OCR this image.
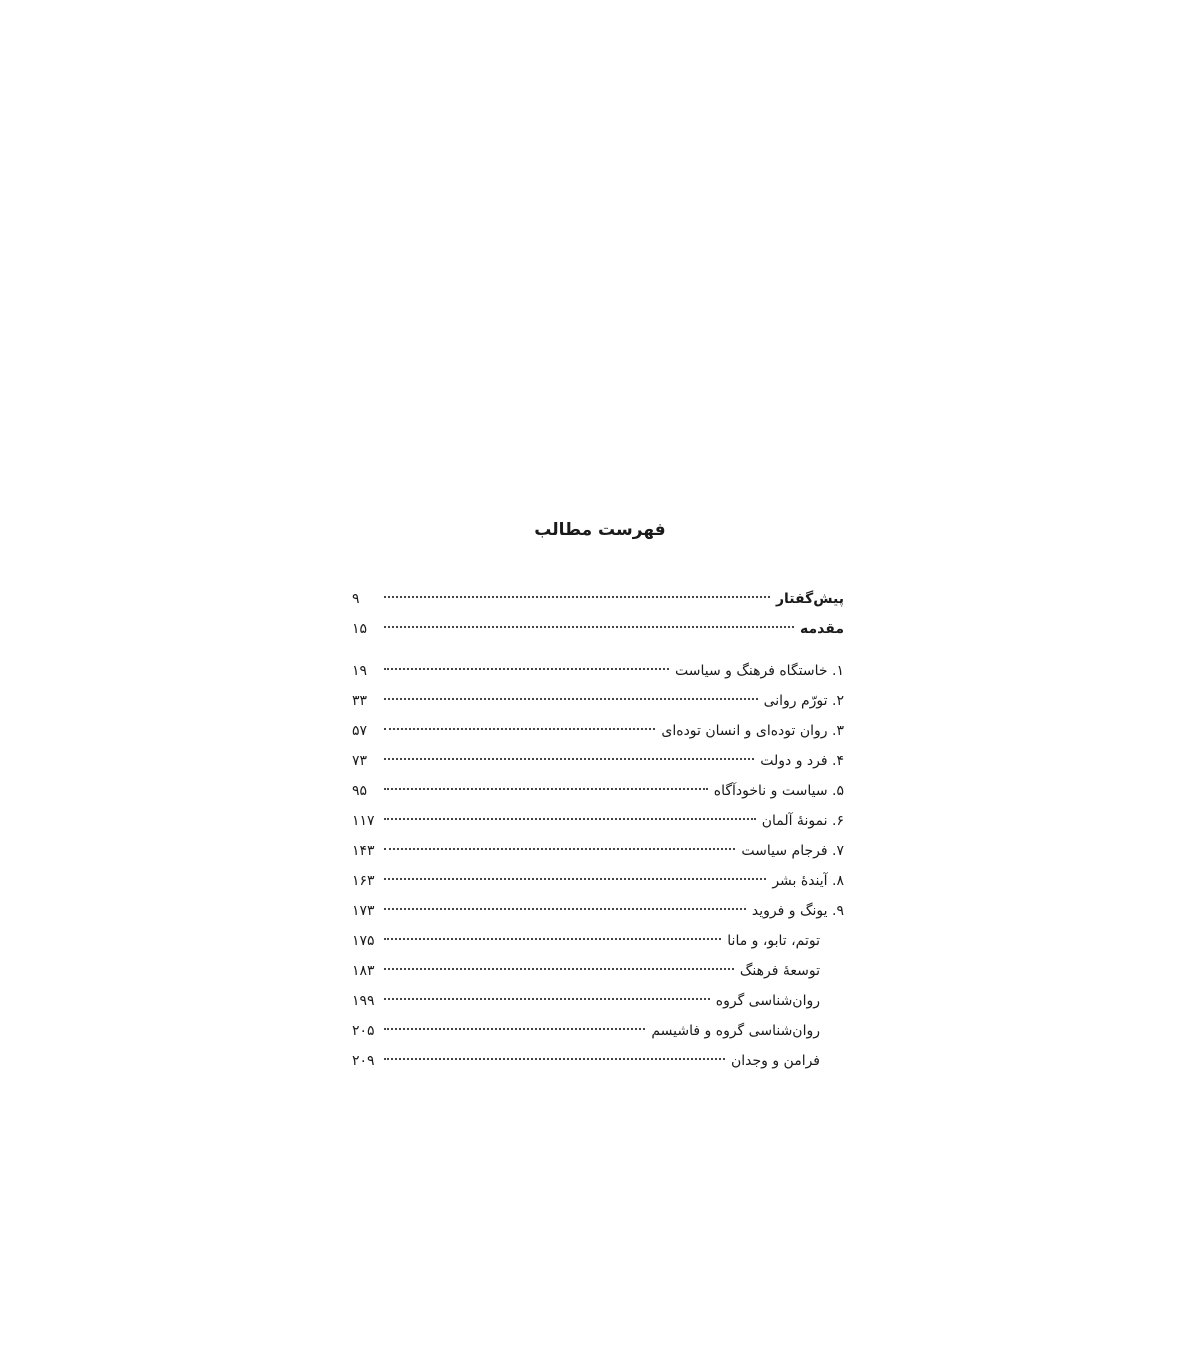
فهرست مطالب
پیش‌گفتار
۹
مقدمه
۱۵
۱. خاستگاه فرهنگ و سیاست
۱۹
۲. تورّم روانی
۳۳
۳. روان توده‌ای و انسان توده‌ای
۵۷
۴. فرد و دولت
۷۳
۵. سیاست و ناخودآگاه
۹۵
۶. نمونهٔ آلمان
۱۱۷
۷. فرجام سیاست
۱۴۳
۸. آیندهٔ بشر
۱۶۳
۹. یونگ و فروید
۱۷۳
توتم، تابو، و مانا
۱۷۵
توسعهٔ فرهنگ
۱۸۳
روان‌شناسی گروه
۱۹۹
روان‌شناسی گروه و فاشیسم
۲۰۵
فرامن و وجدان
۲۰۹
